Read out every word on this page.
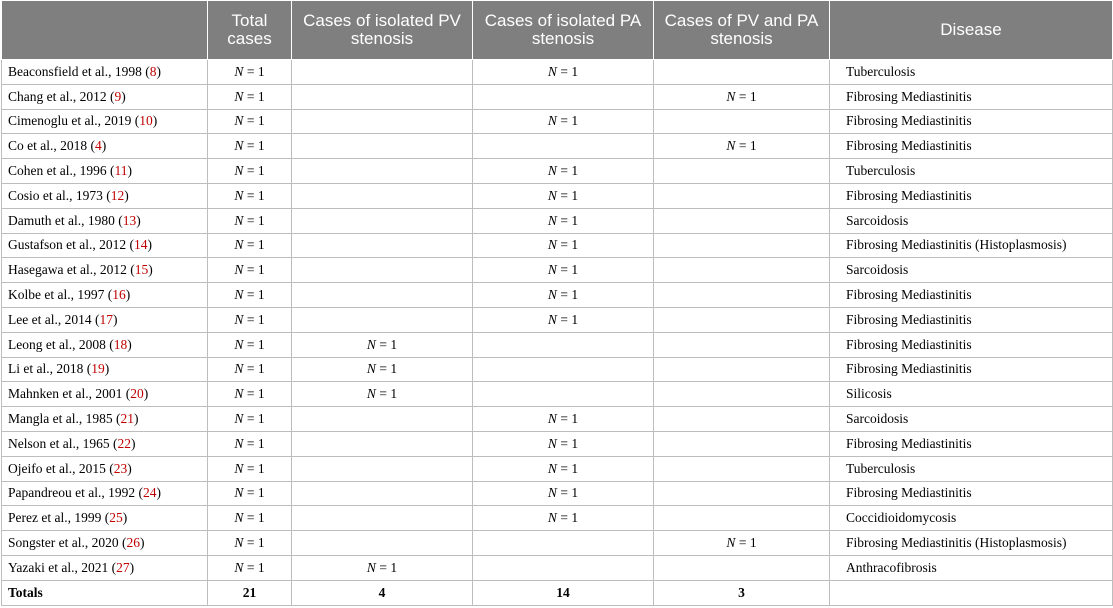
	Total cases	Cases of isolated PV stenosis	Cases of isolated PA stenosis	Cases of PV and PA stenosis	Disease
Beaconsfield et al., 1998 (8)	N = 1		N = 1		Tuberculosis
Chang et al., 2012 (9)	N = 1			N = 1	Fibrosing Mediastinitis
Cimenoglu et al., 2019 (10)	N = 1		N = 1		Fibrosing Mediastinitis
Co et al., 2018 (4)	N = 1			N = 1	Fibrosing Mediastinitis
Cohen et al., 1996 (11)	N = 1		N = 1		Tuberculosis
Cosio et al., 1973 (12)	N = 1		N = 1		Fibrosing Mediastinitis
Damuth et al., 1980 (13)	N = 1		N = 1		Sarcoidosis
Gustafson et al., 2012 (14)	N = 1		N = 1		Fibrosing Mediastinitis (Histoplasmosis)
Hasegawa et al., 2012 (15)	N = 1		N = 1		Sarcoidosis
Kolbe et al., 1997 (16)	N = 1		N = 1		Fibrosing Mediastinitis
Lee et al., 2014 (17)	N = 1		N = 1		Fibrosing Mediastinitis
Leong et al., 2008 (18)	N = 1	N = 1			Fibrosing Mediastinitis
Li et al., 2018 (19)	N = 1	N = 1			Fibrosing Mediastinitis
Mahnken et al., 2001 (20)	N = 1	N = 1			Silicosis
Mangla et al., 1985 (21)	N = 1		N = 1		Sarcoidosis
Nelson et al., 1965 (22)	N = 1		N = 1		Fibrosing Mediastinitis
Ojeifo et al., 2015 (23)	N = 1		N = 1		Tuberculosis
Papandreou et al., 1992 (24)	N = 1		N = 1		Fibrosing Mediastinitis
Perez et al., 1999 (25)	N = 1		N = 1		Coccidioidomycosis
Songster et al., 2020 (26)	N = 1			N = 1	Fibrosing Mediastinitis (Histoplasmosis)
Yazaki et al., 2021 (27)	N = 1	N = 1			Anthracofibrosis
Totals	21	4	14	3	
